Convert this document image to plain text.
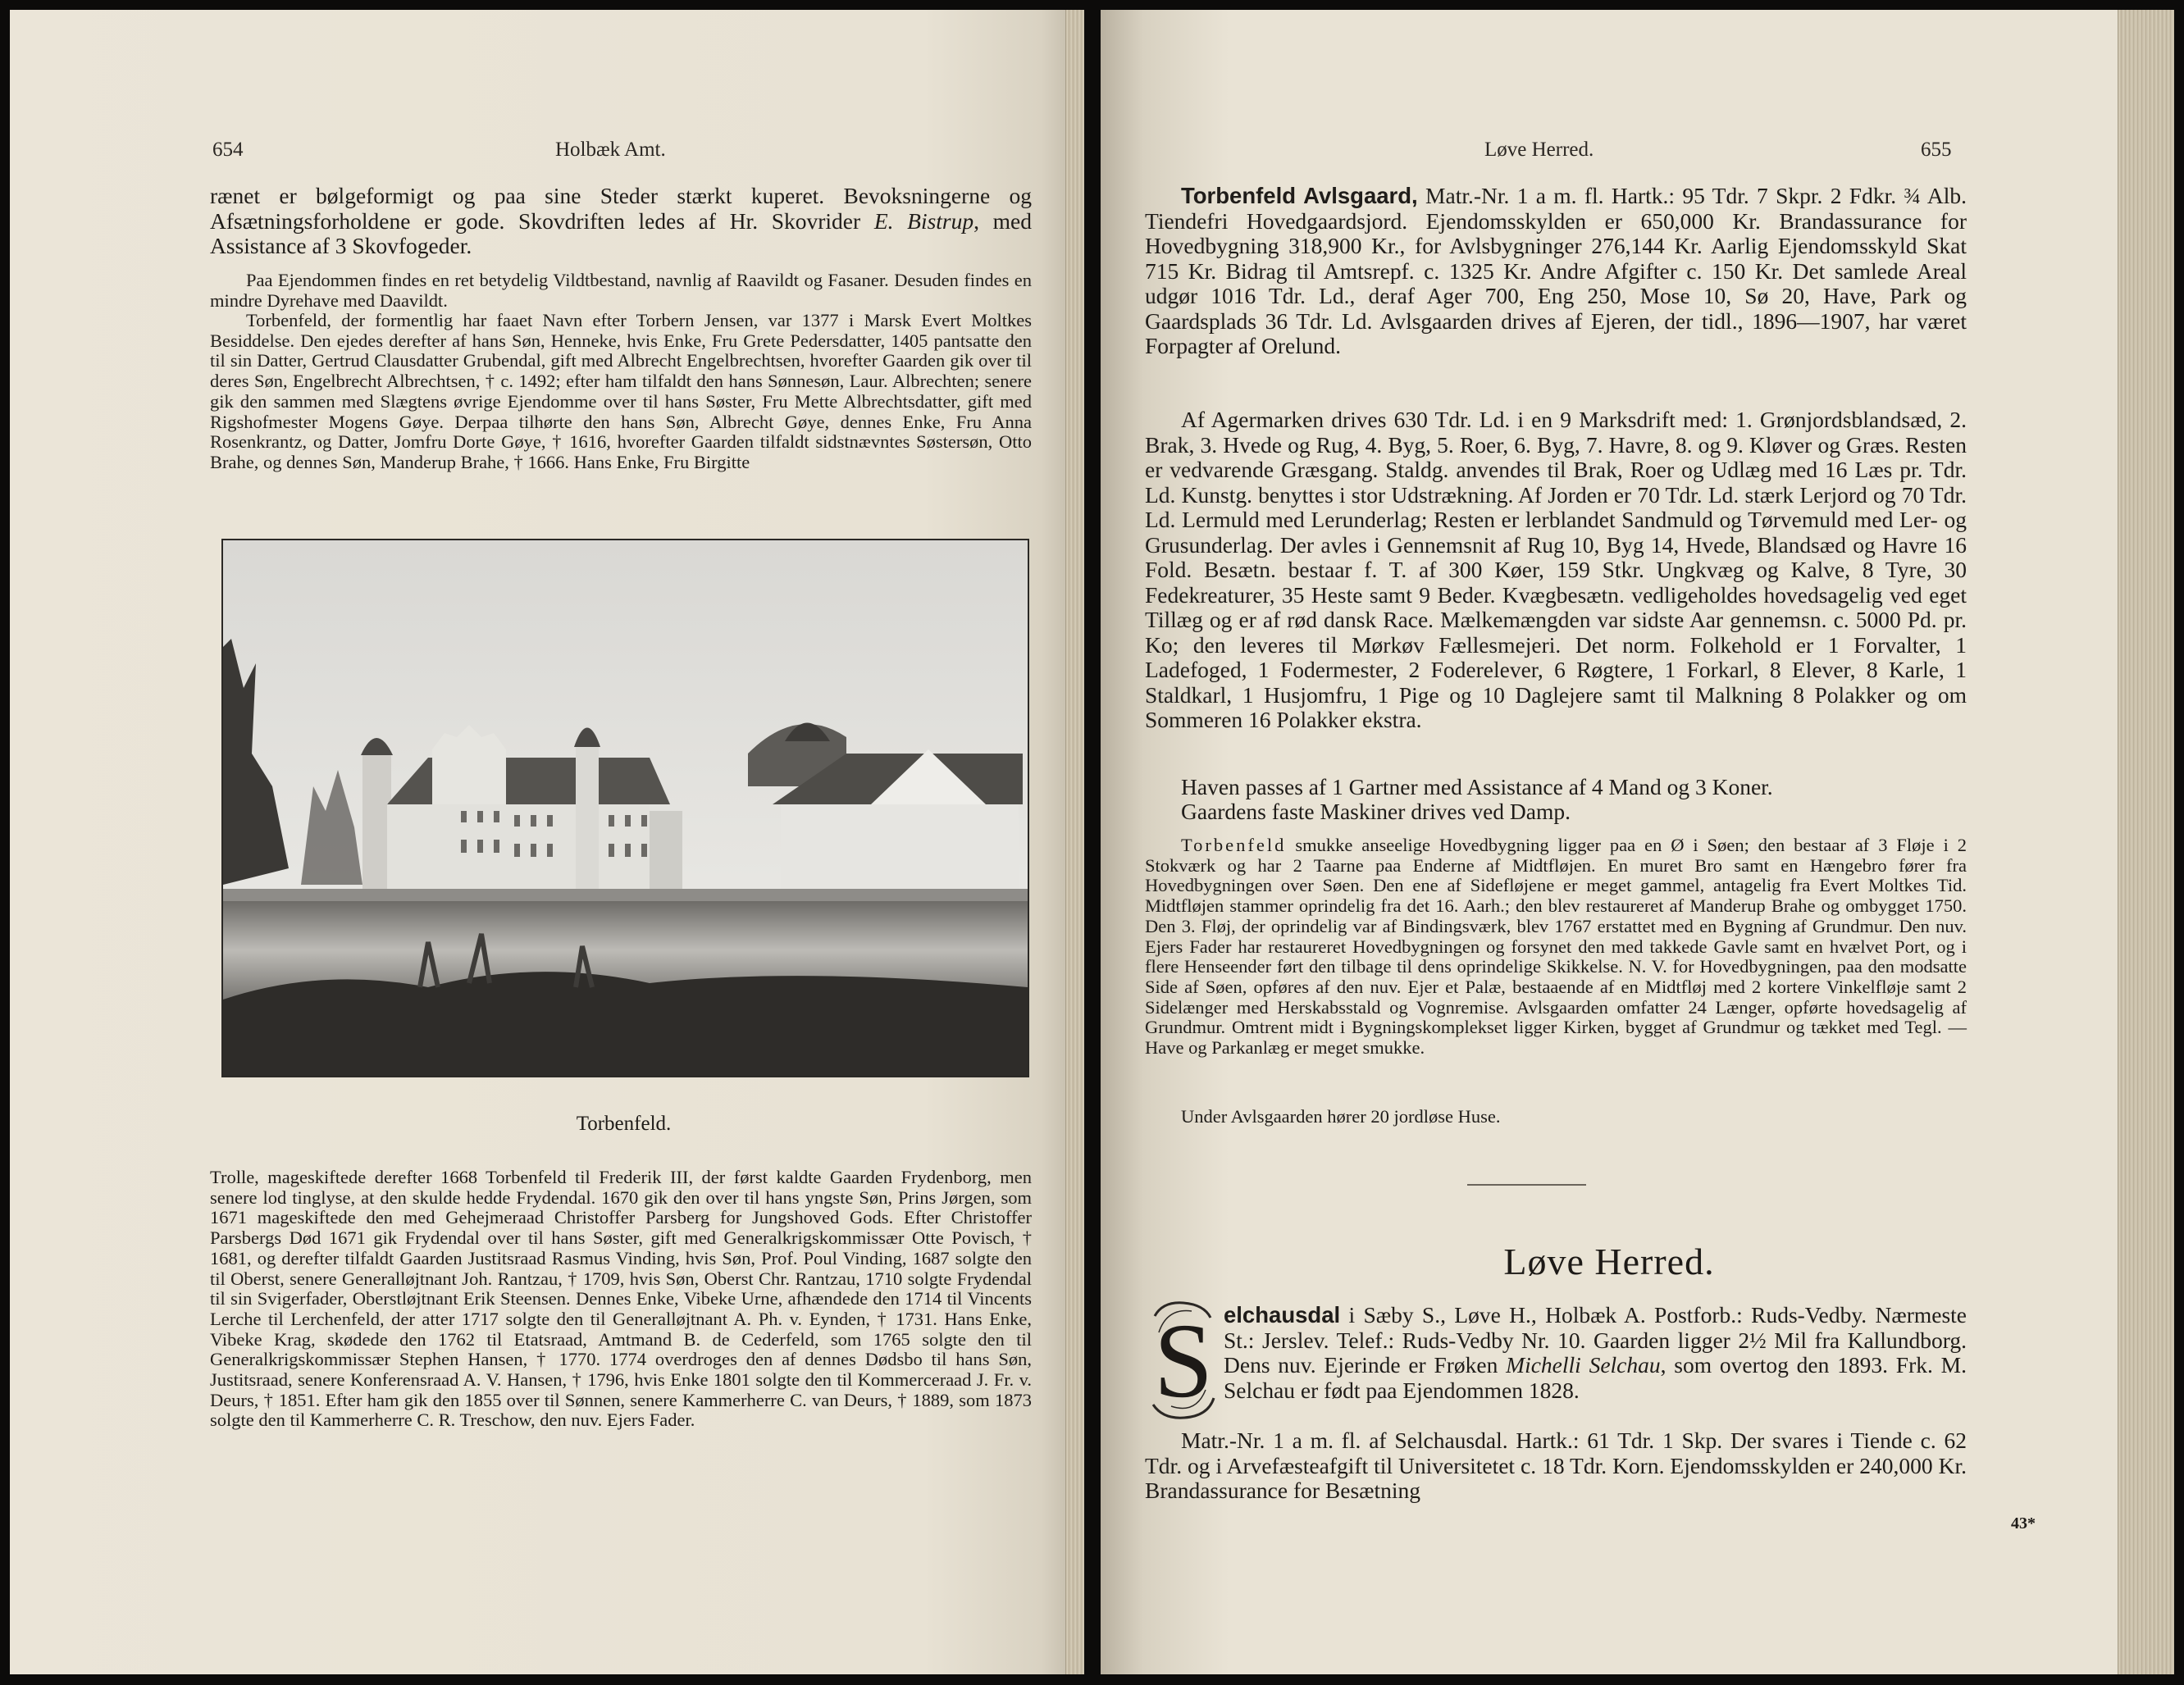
654	Holbæk Amt.

rænet er bølgeformigt og paa sine Steder stærkt kuperet. Bevoksningerne og Afsætningsforholdene er gode. Skovdriften ledes af Hr. Skovrider E. Bistrup, med Assistance af 3 Skovfogeder.

Paa Ejendommen findes en ret betydelig Vildtbestand, navnlig af Raavildt og Fasaner. Desuden findes en mindre Dyrehave med Daavildt.

Torbenfeld, der formentlig har faaet Navn efter Torbern Jensen, var 1377 i Marsk Evert Moltkes Besiddelse. Den ejedes derefter af hans Søn, Henneke, hvis Enke, Fru Grete Pedersdatter, 1405 pantsatte den til sin Datter, Gertrud Clausdatter Grubendal, gift med Albrecht Engelbrechtsen, hvorefter Gaarden gik over til deres Søn, Engelbrecht Albrechtsen, † c. 1492; efter ham tilfaldt den hans Sønnesøn, Laur. Albrechten; senere gik den sammen med Slægtens øvrige Ejendomme over til hans Søster, Fru Mette Albrechtsdatter, gift med Rigshofmester Mogens Gøye. Derpaa tilhørte den hans Søn, Albrecht Gøye, dennes Enke, Fru Anna Rosenkrantz, og Datter, Jomfru Dorte Gøye, † 1616, hvorefter Gaarden tilfaldt sidstnævntes Søstersøn, Otto Brahe, og dennes Søn, Manderup Brahe, † 1666. Hans Enke, Fru Birgitte

Torbenfeld.

Trolle, mageskiftede derefter 1668 Torbenfeld til Frederik III, der først kaldte Gaarden Frydenborg, men senere lod tinglyse, at den skulde hedde Frydendal. 1670 gik den over til hans yngste Søn, Prins Jørgen, som 1671 mageskiftede den med Gehejmeraad Christoffer Parsberg for Jungshoved Gods. Efter Christoffer Parsbergs Død 1671 gik Frydendal over til hans Søster, gift med Generalkrigskommissær Otte Povisch, † 1681, og derefter tilfaldt Gaarden Justitsraad Rasmus Vinding, hvis Søn, Prof. Poul Vinding, 1687 solgte den til Oberst, senere Generalløjtnant Joh. Rantzau, † 1709, hvis Søn, Oberst Chr. Rantzau, 1710 solgte Frydendal til sin Svigerfader, Oberstløjtnant Erik Steensen. Dennes Enke, Vibeke Urne, afhændede den 1714 til Vincents Lerche til Lerchenfeld, der atter 1717 solgte den til Generalløjtnant A. Ph. v. Eynden, † 1731. Hans Enke, Vibeke Krag, skødede den 1762 til Etatsraad, Amtmand B. de Cederfeld, som 1765 solgte den til Generalkrigskommissær Stephen Hansen, † 1770. 1774 overdroges den af dennes Dødsbo til hans Søn, Justitsraad, senere Konferensraad A. V. Hansen, † 1796, hvis Enke 1801 solgte den til Kommerceraad J. Fr. v. Deurs, † 1851. Efter ham gik den 1855 over til Sønnen, senere Kammerherre C. van Deurs, † 1889, som 1873 solgte den til Kammerherre C. R. Treschow, den nuv. Ejers Fader.

Løve Herred.	655

Torbenfeld Avlsgaard, Matr.-Nr. 1 a m. fl. Hartk.: 95 Tdr. 7 Skpr. 2 Fdkr. ¾ Alb. Tiendefri Hovedgaardsjord. Ejendomsskylden er 650,000 Kr. Brandassurance for Hovedbygning 318,900 Kr., for Avlsbygninger 276,144 Kr. Aarlig Ejendomsskyld Skat 715 Kr. Bidrag til Amtsrepf. c. 1325 Kr. Andre Afgifter c. 150 Kr. Det samlede Areal udgør 1016 Tdr. Ld., deraf Ager 700, Eng 250, Mose 10, Sø 20, Have, Park og Gaardsplads 36 Tdr. Ld. Avlsgaarden drives af Ejeren, der tidl., 1896—1907, har været Forpagter af Orelund.

Af Agermarken drives 630 Tdr. Ld. i en 9 Marksdrift med: 1. Grønjordsblandsæd, 2. Brak, 3. Hvede og Rug, 4. Byg, 5. Roer, 6. Byg, 7. Havre, 8. og 9. Kløver og Græs. Resten er vedvarende Græsgang. Staldg. anvendes til Brak, Roer og Udlæg med 16 Læs pr. Tdr. Ld. Kunstg. benyttes i stor Udstrækning. Af Jorden er 70 Tdr. Ld. stærk Lerjord og 70 Tdr. Ld. Lermuld med Lerunderlag; Resten er lerblandet Sandmuld og Tørvemuld med Ler- og Grusunderlag. Der avles i Gennemsnit af Rug 10, Byg 14, Hvede, Blandsæd og Havre 16 Fold. Besætn. bestaar f. T. af 300 Køer, 159 Stkr. Ungkvæg og Kalve, 8 Tyre, 30 Fedekreaturer, 35 Heste samt 9 Beder. Kvægbesætn. vedligeholdes hovedsagelig ved eget Tillæg og er af rød dansk Race. Mælkemængden var sidste Aar gennemsn. c. 5000 Pd. pr. Ko; den leveres til Mørkøv Fællesmejeri. Det norm. Folkehold er 1 Forvalter, 1 Ladefoged, 1 Fodermester, 2 Foderelever, 6 Røgtere, 1 Forkarl, 8 Elever, 8 Karle, 1 Staldkarl, 1 Husjomfru, 1 Pige og 10 Daglejere samt til Malkning 8 Polakker og om Sommeren 16 Polakker ekstra.

Haven passes af 1 Gartner med Assistance af 4 Mand og 3 Koner.

Gaardens faste Maskiner drives ved Damp.

Torbenfeld smukke anseelige Hovedbygning ligger paa en Ø i Søen; den bestaar af 3 Fløje i 2 Stokværk og har 2 Taarne paa Enderne af Midtfløjen. En muret Bro samt en Hængebro fører fra Hovedbygningen over Søen. Den ene af Sidefløjene er meget gammel, antagelig fra Evert Moltkes Tid. Midtfløjen stammer oprindelig fra det 16. Aarh.; den blev restaureret af Manderup Brahe og ombygget 1750. Den 3. Fløj, der oprindelig var af Bindingsværk, blev 1767 erstattet med en Bygning af Grundmur. Den nuv. Ejers Fader har restaureret Hovedbygningen og forsynet den med takkede Gavle samt en hvælvet Port, og i flere Henseender ført den tilbage til dens oprindelige Skikkelse. N. V. for Hovedbygningen, paa den modsatte Side af Søen, opføres af den nuv. Ejer et Palæ, bestaaende af en Midtfløj med 2 kortere Vinkelfløje samt 2 Sidelænger med Herskabsstald og Vognremise. Avlsgaarden omfatter 24 Længer, opførte hovedsagelig af Grundmur. Omtrent midt i Bygningskomplekset ligger Kirken, bygget af Grundmur og tækket med Tegl. — Have og Parkanlæg er meget smukke.

Under Avlsgaarden hører 20 jordløse Huse.

Løve Herred.
S elchausdal i Sæby S., Løve H., Holbæk A. Postforb.: Ruds-Vedby. Nærmeste St.: Jerslev. Telef.: Ruds-Vedby Nr. 10. Gaarden ligger 2½ Mil fra Kallundborg. Dens nuv. Ejerinde er Frøken Michelli Selchau, som overtog den 1893. Frk. M. Selchau er født paa Ejendommen 1828.

Matr.-Nr. 1 a m. fl. af Selchausdal. Hartk.: 61 Tdr. 1 Skp. Der svares i Tiende c. 62 Tdr. og i Arvefæsteafgift til Universitetet c. 18 Tdr. Korn. Ejendomsskylden er 240,000 Kr. Brandassurance for Besætning

43*
